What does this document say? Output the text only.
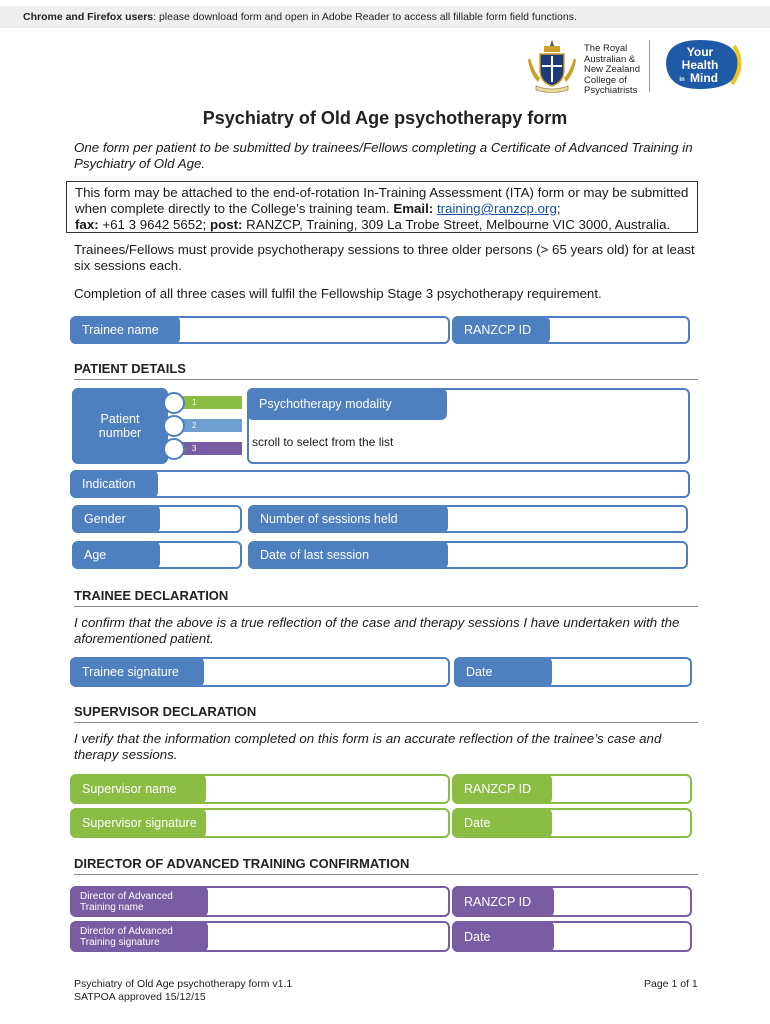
Chrome and Firefox users: please download form and open in Adobe Reader to access all fillable form field functions.
The Royal
Australian &
New Zealand
College of
Psychiatrists
Your
Health
in Mind
Psychiatry of Old Age psychotherapy form
One form per patient to be submitted by trainees/Fellows completing a Certificate of Advanced Training in Psychiatry of Old Age.
This form may be attached to the end-of-rotation In-Training Assessment (ITA) form or may be submitted when complete directly to the College’s training team. Email: training@ranzcp.org;
fax: +61 3 9642 5652; post: RANZCP, Training, 309 La Trobe Street, Melbourne VIC 3000, Australia.
Trainees/Fellows must provide psychotherapy sessions to three older persons (> 65 years old) for at least six sessions each.
Completion of all three cases will fulfil the Fellowship Stage 3 psychotherapy requirement.
Trainee name	RANZCP ID
PATIENT DETAILS
Patient number
1
2
3
Psychotherapy modality
scroll to select from the list
Indication
Gender	Number of sessions held
Age	Date of last session
TRAINEE DECLARATION
I confirm that the above is a true reflection of the case and therapy sessions I have undertaken with the aforementioned patient.
Trainee signature	Date
SUPERVISOR DECLARATION
I verify that the information completed on this form is an accurate reflection of the trainee’s case and therapy sessions.
Supervisor name	RANZCP ID
Supervisor signature	Date
DIRECTOR OF ADVANCED TRAINING CONFIRMATION
Director of Advanced Training name	RANZCP ID
Director of Advanced Training signature	Date
Psychiatry of Old Age psychotherapy form v1.1
SATPOA approved 15/12/15
Page 1 of 1
